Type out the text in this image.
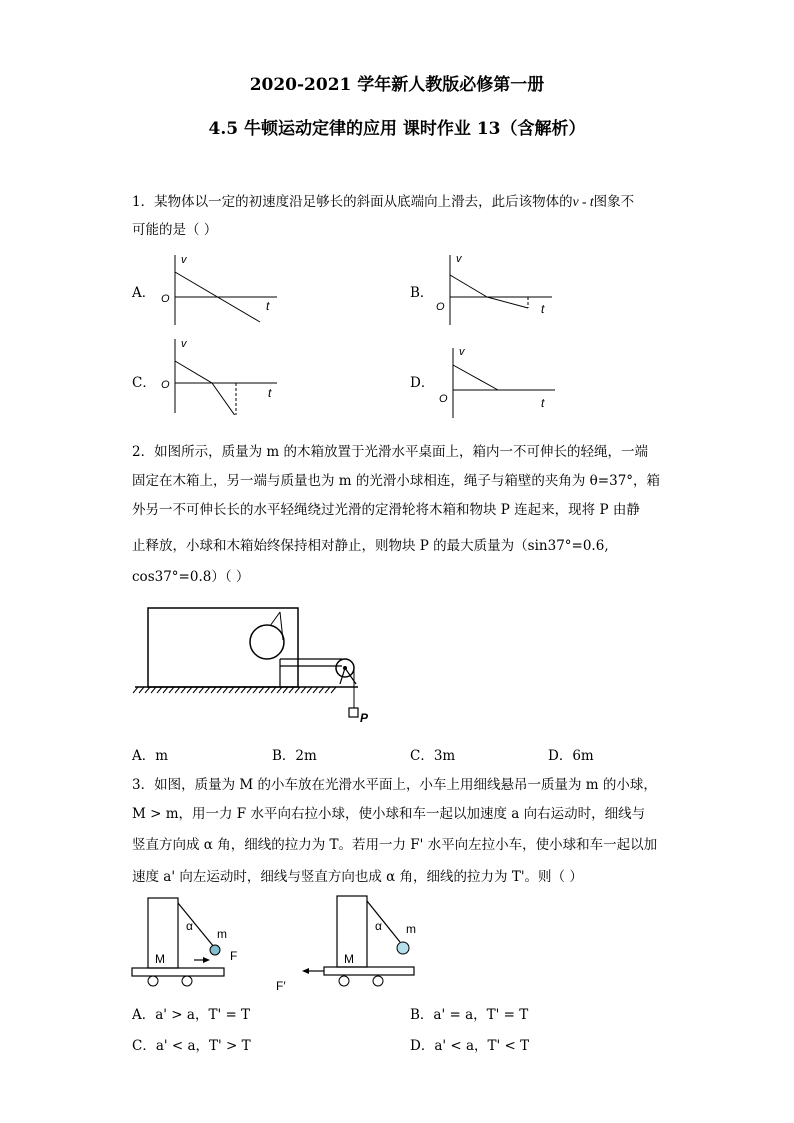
2020-2021 学年新人教版必修第一册
4.5 牛顿运动定律的应用 课时作业 13（含解析）
1．某物体以一定的初速度沿足够长的斜面从底端向上滑去，此后该物体的v - t图象不
可能的是（ ）
A．
v
O	t
B．
v
O	t
C．
v
O
t
D．
v
O	t
2．如图所示，质量为 m 的木箱放置于光滑水平桌面上，箱内一不可伸长的轻绳，一端
固定在木箱上，另一端与质量也为 m 的光滑小球相连，绳子与箱壁的夹角为 θ=37°，箱
外另一不可伸长长的水平轻绳绕过光滑的定滑轮将木箱和物块 P 连起来，现将 P 由静
止释放，小球和木箱始终保持相对静止，则物块 P 的最大质量为（sin37°=0.6,
cos37°=0.8）（ ）
P
A．m	B．2m	C．3m	D．6m
3．如图，质量为 M 的小车放在光滑水平面上，小车上用细线悬吊一质量为 m 的小球，
M > m，用一力 F 水平向右拉小球，使小球和车一起以加速度 a 向右运动时，细线与
竖直方向成 α 角，细线的拉力为 T。若用一力 F' 水平向左拉小车，使小球和车一起以加
速度 a' 向左运动时，细线与竖直方向也成 α 角，细线的拉力为 T'。则（ ）
α
m
M	F
α m
M
F′
A．a' > a，T' = T	B．a' = a，T' = T
C．a' < a，T' > T	D．a' < a，T' < T
